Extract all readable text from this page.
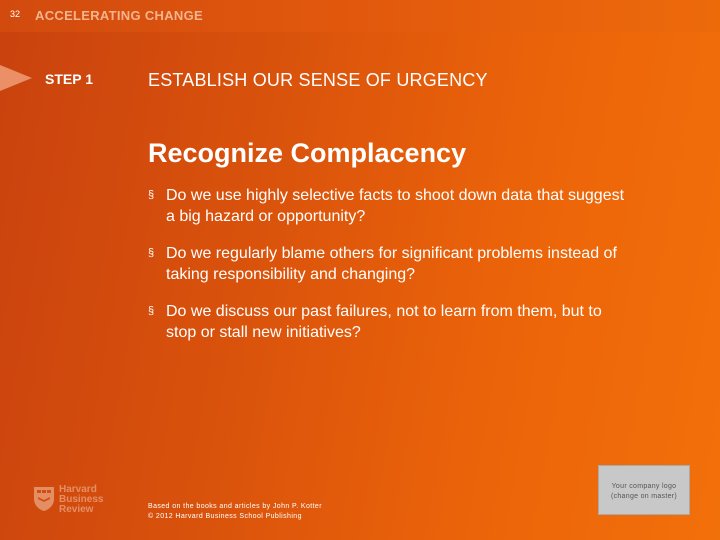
32 ACCELERATING CHANGE
STEP 1	ESTABLISH OUR SENSE OF URGENCY
Recognize Complacency
§ Do we use highly selective facts to shoot down data that suggest a big hazard or opportunity?
§ Do we regularly blame others for significant problems instead of taking responsibility and changing?
§ Do we discuss our past failures, not to learn from them, but to stop or stall new initiatives?
Harvard
Business
Review	Based on the books and articles by John P. Kotter
© 2012 Harvard Business School Publishing
Your company logo
(change on master)
